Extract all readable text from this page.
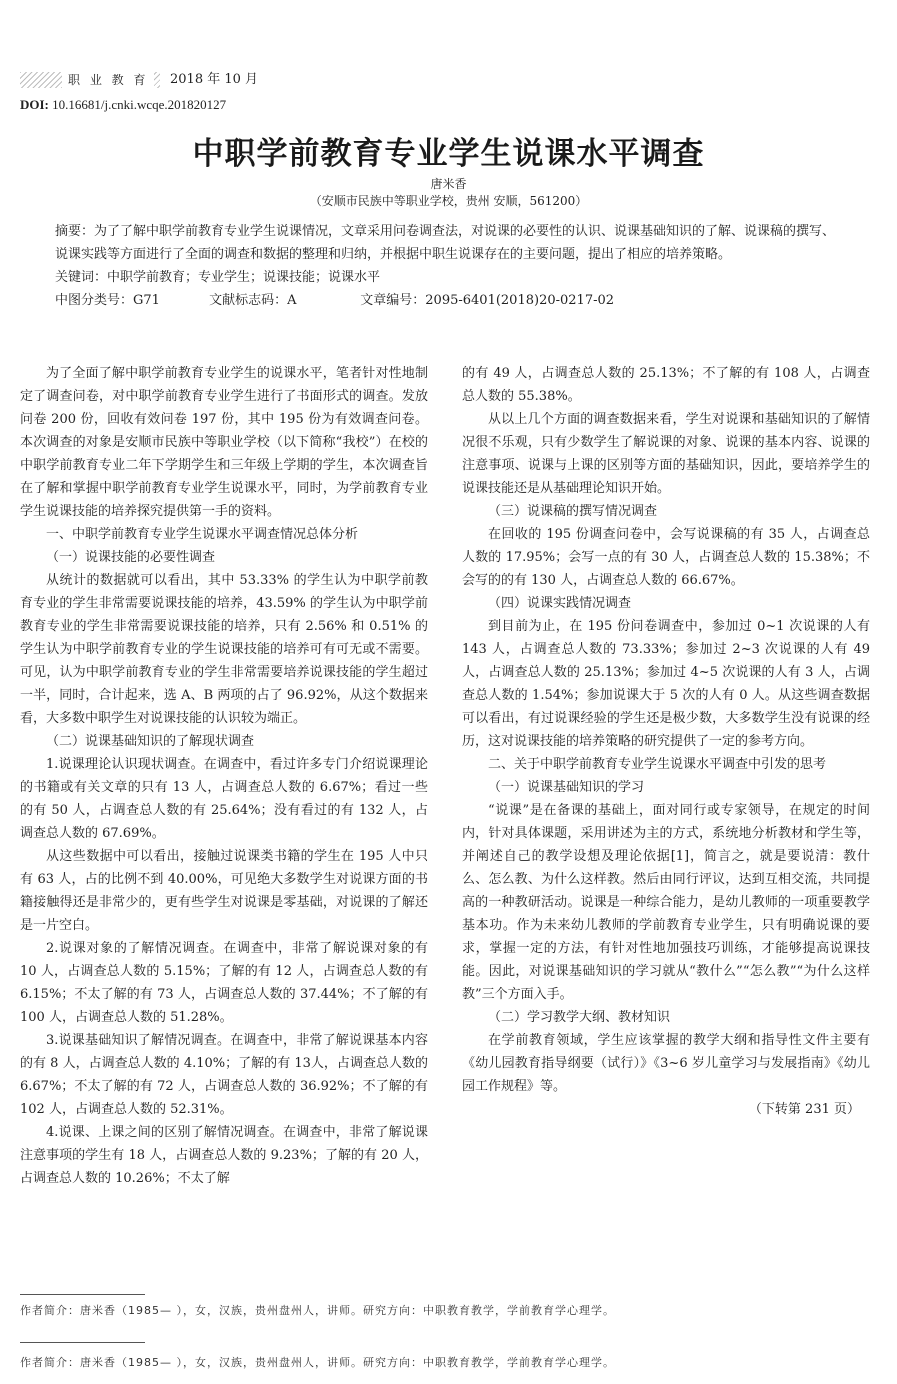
职 业 教 育	2018 年 10 月
DOI: 10.16681/j.cnki.wcqe.201820127
中职学前教育专业学生说课水平调查
唐米香
（安顺市民族中等职业学校，贵州 安顺，561200）

摘要：为了了解中职学前教育专业学生说课情况，文章采用问卷调查法，对说课的必要性的认识、说课基础知识的了解、说课稿的撰写、说课实践等方面进行了全面的调查和数据的整理和归纳，并根据中职生说课存在的主要问题，提出了相应的培养策略。

关键词：中职学前教育；专业学生；说课技能；说课水平

中图分类号：G71	文献标志码：A	文章编号：2095-6401(2018)20-0217-02

为了全面了解中职学前教育专业学生的说课水平，笔者针对性地制定了调查问卷，对中职学前教育专业学生进行了书面形式的调查。发放问卷 200 份，回收有效问卷 197 份，其中 195 份为有效调查问卷。本次调查的对象是安顺市民族中等职业学校（以下简称“我校”）在校的中职学前教育专业二年下学期学生和三年级上学期的学生，本次调查旨在了解和掌握中职学前教育专业学生说课水平，同时，为学前教育专业学生说课技能的培养探究提供第一手的资料。

一、中职学前教育专业学生说课水平调查情况总体分析

（一）说课技能的必要性调查

从统计的数据就可以看出，其中 53.33% 的学生认为中职学前教育专业的学生非常需要说课技能的培养，43.59% 的学生认为中职学前教育专业的学生非常需要说课技能的培养，只有 2.56% 和 0.51% 的学生认为中职学前教育专业的学生说课技能的培养可有可无或不需要。可见，认为中职学前教育专业的学生非常需要培养说课技能的学生超过一半，同时，合计起来，选 A、B 两项的占了 96.92%，从这个数据来看，大多数中职学生对说课技能的认识较为端正。

（二）说课基础知识的了解现状调查

1.说课理论认识现状调查。在调查中，看过许多专门介绍说课理论的书籍或有关文章的只有 13 人，占调查总人数的 6.67%；看过一些的有 50 人，占调查总人数的有 25.64%；没有看过的有 132 人，占调查总人数的 67.69%。

从这些数据中可以看出，接触过说课类书籍的学生在 195 人中只有 63 人，占的比例不到 40.00%，可见绝大多数学生对说课方面的书籍接触得还是非常少的，更有些学生对说课是零基础，对说课的了解还是一片空白。

2.说课对象的了解情况调查。在调查中，非常了解说课对象的有 10 人，占调查总人数的 5.15%；了解的有 12 人，占调查总人数的有 6.15%；不太了解的有 73 人，占调查总人数的 37.44%；不了解的有 100 人，占调查总人数的 51.28%。

3.说课基础知识了解情况调查。在调查中，非常了解说课基本内容的有 8 人，占调查总人数的 4.10%；了解的有 13人，占调查总人数的 6.67%；不太了解的有 72 人，占调查总人数的 36.92%；不了解的有 102 人，占调查总人数的 52.31%。

4.说课、上课之间的区别了解情况调查。在调查中，非常了解说课注意事项的学生有 18 人，占调查总人数的 9.23%；了解的有 20 人，占调查总人数的 10.26%；不太了解

的有 49 人，占调查总人数的 25.13%；不了解的有 108 人，占调查总人数的 55.38%。

从以上几个方面的调查数据来看，学生对说课和基础知识的了解情况很不乐观，只有少数学生了解说课的对象、说课的基本内容、说课的注意事项、说课与上课的区别等方面的基础知识，因此，要培养学生的说课技能还是从基础理论知识开始。

（三）说课稿的撰写情况调查

在回收的 195 份调查问卷中，会写说课稿的有 35 人，占调查总人数的 17.95%；会写一点的有 30 人，占调查总人数的 15.38%；不会写的的有 130 人，占调查总人数的 66.67%。

（四）说课实践情况调查

到目前为止，在 195 份问卷调查中，参加过 0~1 次说课的人有 143 人，占调查总人数的 73.33%；参加过 2~3 次说课的人有 49 人，占调查总人数的 25.13%；参加过 4~5 次说课的人有 3 人，占调查总人数的 1.54%；参加说课大于 5 次的人有 0 人。从这些调查数据可以看出，有过说课经验的学生还是极少数，大多数学生没有说课的经历，这对说课技能的培养策略的研究提供了一定的参考方向。

二、关于中职学前教育专业学生说课水平调查中引发的思考

（一）说课基础知识的学习

“说课”是在备课的基础上，面对同行或专家领导，在规定的时间内，针对具体课题，采用讲述为主的方式，系统地分析教材和学生等，并阐述自己的教学设想及理论依据[1]，简言之，就是要说清：教什么、怎么教、为什么这样教。然后由同行评议，达到互相交流，共同提高的一种教研活动。说课是一种综合能力，是幼儿教师的一项重要教学基本功。作为未来幼儿教师的学前教育专业学生，只有明确说课的要求，掌握一定的方法，有针对性地加强技巧训练，才能够提高说课技能。因此，对说课基础知识的学习就从“教什么”“怎么教”“为什么这样教”三个方面入手。

（二）学习教学大纲、教材知识

在学前教育领域，学生应该掌握的教学大纲和指导性文件主要有《幼儿园教育指导纲要（试行）》《3~6 岁儿童学习与发展指南》《幼儿园工作规程》等。

（下转第 231 页）

作者简介：唐米香（1985— ），女，汉族，贵州盘州人，讲师。研究方向：中职教育教学，学前教育学心理学。
作者简介：唐米香（1985— ），女，汉族，贵州盘州人，讲师。研究方向：中职教育教学，学前教育学心理学。
